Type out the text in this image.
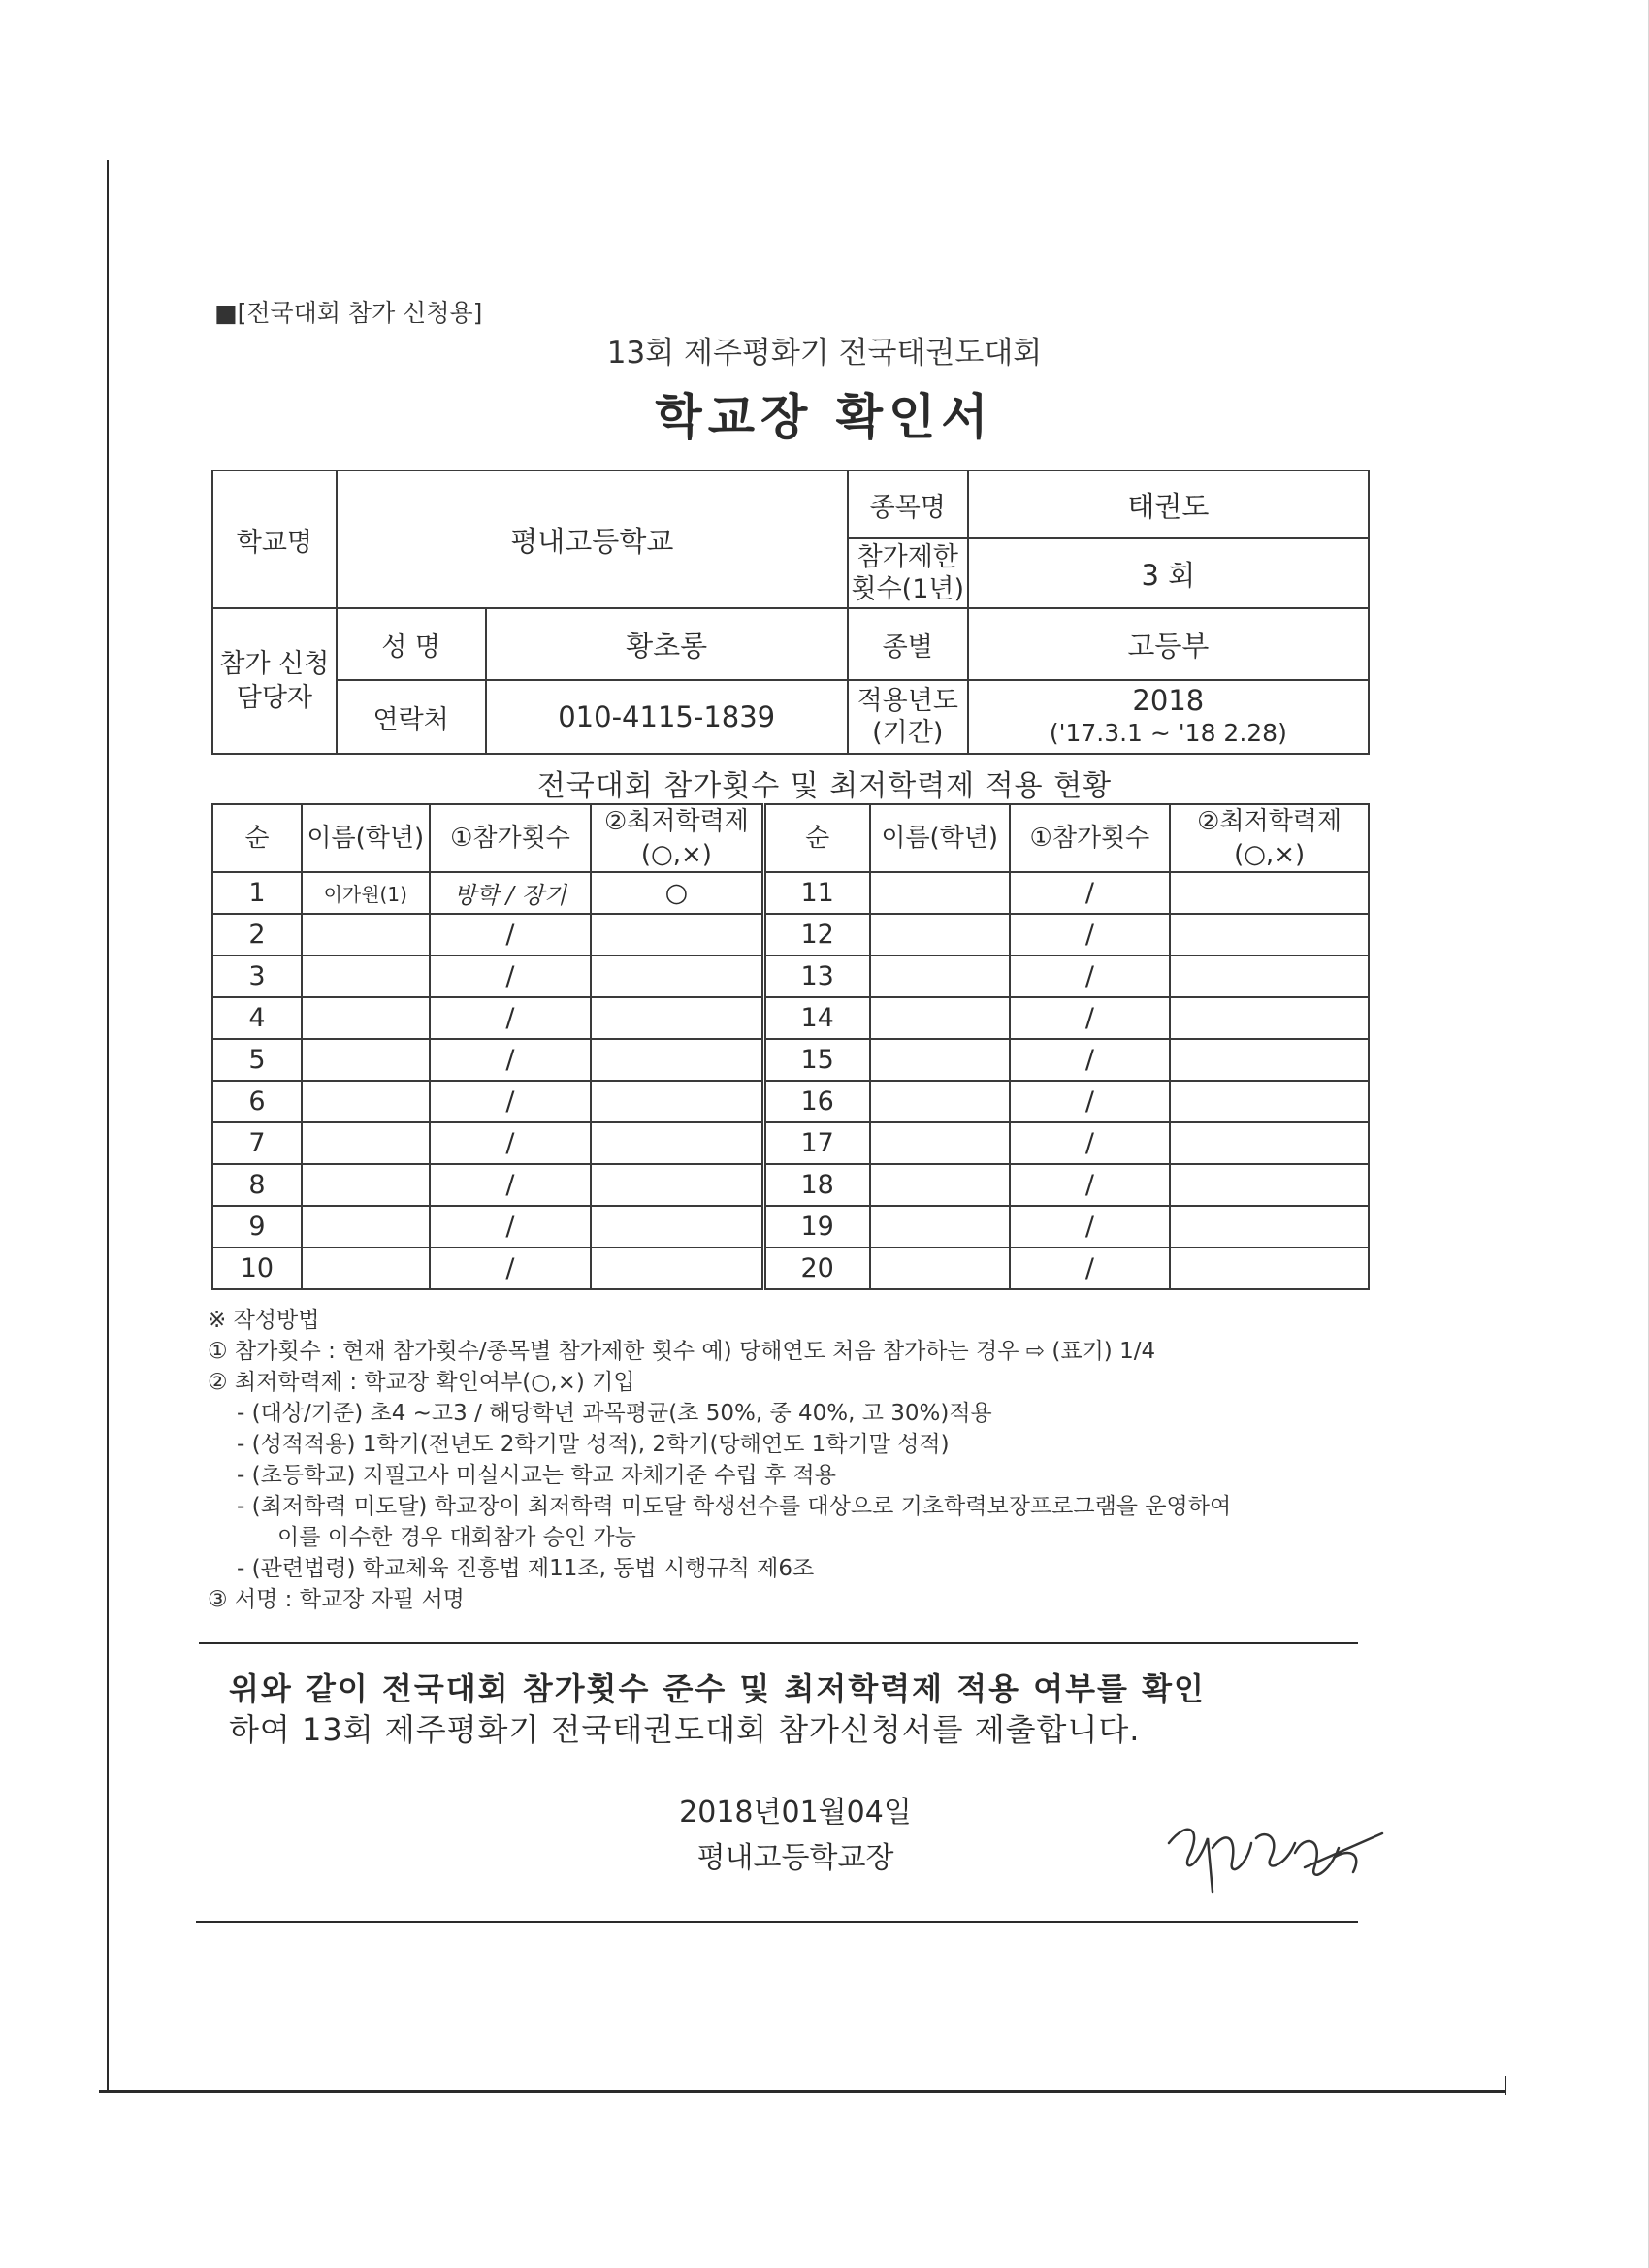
■[전국대회 참가 신청용]
13회 제주평화기 전국태권도대회
학교장 확인서
학교명	평내고등학교		종목명	태권도
			참가제한 횟수(1년)	3 회
참가 신청 담당자	성 명	황초롱	종별	고등부
	연락처	010-4115-1839	적용년도 (기간)	2018
('17.3.1 ~ '18 2.28)
전국대회 참가횟수 및 최저학력제 적용 현황
순	이름(학년)	①참가횟수	②최저학력제 (○,×)	순	이름(학년)	①참가횟수	②최저학력제 (○,×)
1	이가원(1)	방학 / 장기	○	11		/	
2		/		12		/	
3		/		13		/	
4		/		14		/	
5		/		15		/	
6		/		16		/	
7		/		17		/	
8		/		18		/	
9		/		19		/	
10		/		20		/	
※ 작성방법
① 참가횟수 : 현재 참가횟수/종목별 참가제한 횟수 예) 당해연도 처음 참가하는 경우 ⇨ (표기) 1/4
② 최저학력제 : 학교장 확인여부(○,×) 기입
- (대상/기준) 초4 ~고3 / 해당학년 과목평균(초 50%, 중 40%, 고 30%)적용
- (성적적용) 1학기(전년도 2학기말 성적), 2학기(당해연도 1학기말 성적)
- (초등학교) 지필고사 미실시교는 학교 자체기준 수립 후 적용
- (최저학력 미도달) 학교장이 최저학력 미도달 학생선수를 대상으로 기초학력보장프로그램을 운영하여
이를 이수한 경우 대회참가 승인 가능
- (관련법령) 학교체육 진흥법 제11조, 동법 시행규칙 제6조
③ 서명 : 학교장 자필 서명
위와 같이 전국대회 참가횟수 준수 및 최저학력제 적용 여부를 확인
하여 13회 제주평화기 전국태권도대회 참가신청서를 제출합니다.
2018년01월04일
평내고등학교장
